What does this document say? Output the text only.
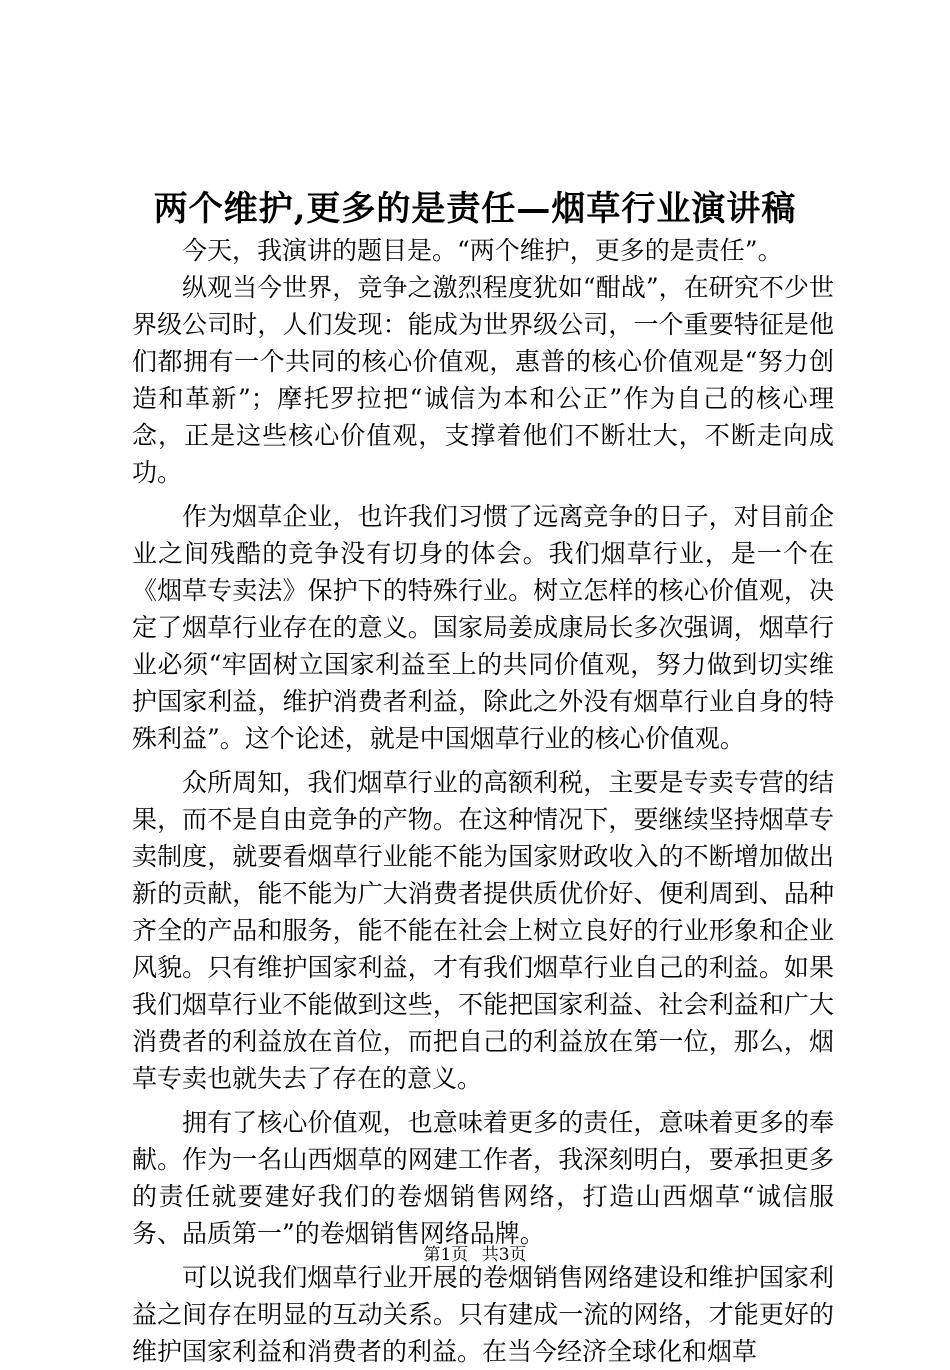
两个维护,更多的是责任—烟草行业演讲稿

今天，我演讲的题目是。“两个维护，更多的是责任”。

纵观当今世界，竞争之激烈程度犹如“酣战”，在研究不少世界级公司时，人们发现：能成为世界级公司，一个重要特征是他们都拥有一个共同的核心价值观，惠普的核心价值观是“努力创造和革新”；摩托罗拉把“诚信为本和公正”作为自己的核心理念，正是这些核心价值观，支撑着他们不断壮大，不断走向成功。

作为烟草企业，也许我们习惯了远离竞争的日子，对目前企业之间残酷的竞争没有切身的体会。我们烟草行业，是一个在《烟草专卖法》保护下的特殊行业。树立怎样的核心价值观，决定了烟草行业存在的意义。国家局姜成康局长多次强调，烟草行业必须“牢固树立国家利益至上的共同价值观，努力做到切实维护国家利益，维护消费者利益，除此之外没有烟草行业自身的特殊利益”。这个论述，就是中国烟草行业的核心价值观。

众所周知，我们烟草行业的高额利税，主要是专卖专营的结果，而不是自由竞争的产物。在这种情况下，要继续坚持烟草专卖制度，就要看烟草行业能不能为国家财政收入的不断增加做出新的贡献，能不能为广大消费者提供质优价好、便利周到、品种齐全的产品和服务，能不能在社会上树立良好的行业形象和企业风貌。只有维护国家利益，才有我们烟草行业自己的利益。如果我们烟草行业不能做到这些，不能把国家利益、社会利益和广大消费者的利益放在首位，而把自己的利益放在第一位，那么，烟草专卖也就失去了存在的意义。

拥有了核心价值观，也意味着更多的责任，意味着更多的奉献。作为一名山西烟草的网建工作者，我深刻明白，要承担更多的责任就要建好我们的卷烟销售网络，打造山西烟草“诚信服务、品质第一”的卷烟销售网络品牌。

可以说我们烟草行业开展的卷烟销售网络建设和维护国家利益之间存在明显的互动关系。只有建成一流的网络，才能更好的维护国家利益和消费者的利益。在当今经济全球化和烟草

第1页 共3页
